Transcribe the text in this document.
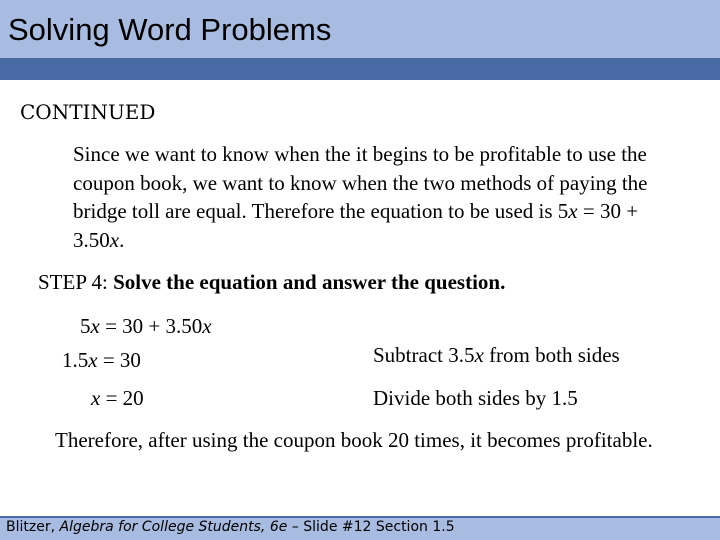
Solving Word Problems
CONTINUED
Since we want to know when the it begins to be profitable to use the coupon book, we want to know when the two methods of paying the bridge toll are equal. Therefore the equation to be used is 5x = 30 + 3.50x.
STEP 4: Solve the equation and answer the question.
5x = 30 + 3.50x
1.5x = 30
x = 20
Subtract 3.5x from both sides
Divide both sides by 1.5
Therefore, after using the coupon book 20 times, it becomes profitable.
Blitzer, Algebra for College Students, 6e – Slide #12 Section 1.5
